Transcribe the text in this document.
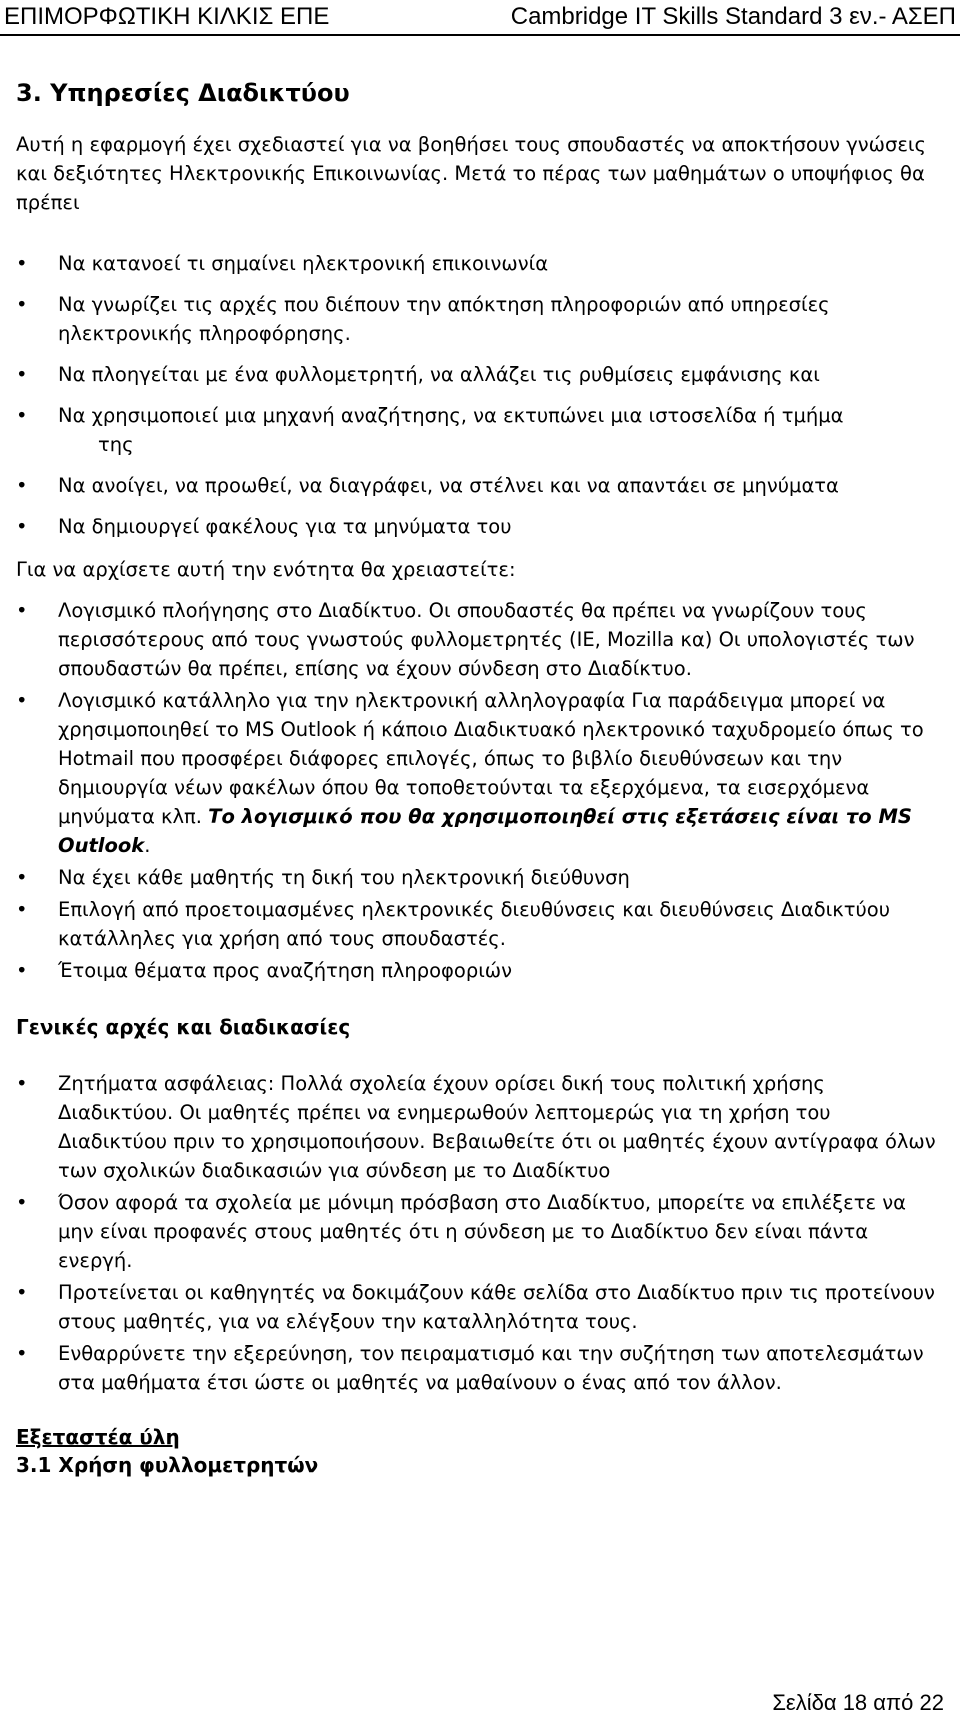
ΕΠΙΜΟΡΦΩΤΙΚΗ ΚΙΛΚΙΣ ΕΠΕ	Cambridge IT Skills Standard 3 εν.- ΑΣΕΠ
3. Υπηρεσίες Διαδικτύου

Αυτή η εφαρμογή έχει σχεδιαστεί για να βοηθήσει τους σπουδαστές να αποκτήσουν γνώσεις και δεξιότητες Ηλεκτρονικής Επικοινωνίας. Μετά το πέρας των μαθημάτων ο υποψήφιος θα πρέπει

• Να κατανοεί τι σημαίνει ηλεκτρονική επικοινωνία
• Να γνωρίζει τις αρχές που διέπουν την απόκτηση πληροφοριών από υπηρεσίες ηλεκτρονικής πληροφόρησης.
• Να πλοηγείται με ένα φυλλομετρητή, να αλλάζει τις ρυθμίσεις εμφάνισης και
• Να χρησιμοποιεί μια μηχανή αναζήτησης, να εκτυπώνει μια ιστοσελίδα ή τμήμα
της
• Να ανοίγει, να προωθεί, να διαγράφει, να στέλνει και να απαντάει σε μηνύματα
• Να δημιουργεί φακέλους για τα μηνύματα του

Για να αρχίσετε αυτή την ενότητα θα χρειαστείτε:

• Λογισμικό πλοήγησης στο Διαδίκτυο. Οι σπουδαστές θα πρέπει να γνωρίζουν τους περισσότερους από τους γνωστούς φυλλομετρητές (IE, Mozilla κα) Οι υπολογιστές των σπουδαστών θα πρέπει, επίσης να έχουν σύνδεση στο Διαδίκτυο.
• Λογισμικό κατάλληλο για την ηλεκτρονική αλληλογραφία Για παράδειγμα μπορεί να χρησιμοποιηθεί το MS Outlook ή κάποιο Διαδικτυακό ηλεκτρονικό ταχυδρομείο όπως το Hotmail που προσφέρει διάφορες επιλογές, όπως το βιβλίο διευθύνσεων και την δημιουργία νέων φακέλων όπου θα τοποθετούνται τα εξερχόμενα, τα εισερχόμενα μηνύματα κλπ. Το λογισμικό που θα χρησιμοποιηθεί στις εξετάσεις είναι το MS Outlook.
• Να έχει κάθε μαθητής τη δική του ηλεκτρονική διεύθυνση
• Επιλογή από προετοιμασμένες ηλεκτρονικές διευθύνσεις και διευθύνσεις Διαδικτύου κατάλληλες για χρήση από τους σπουδαστές.
• Έτοιμα θέματα προς αναζήτηση πληροφοριών
Γενικές αρχές και διαδικασίες
• Ζητήματα ασφάλειας: Πολλά σχολεία έχουν ορίσει δική τους πολιτική χρήσης Διαδικτύου. Οι μαθητές πρέπει να ενημερωθούν λεπτομερώς για τη χρήση του Διαδικτύου πριν το χρησιμοποιήσουν. Βεβαιωθείτε ότι οι μαθητές έχουν αντίγραφα όλων των σχολικών διαδικασιών για σύνδεση με το Διαδίκτυο
• Όσον αφορά τα σχολεία με μόνιμη πρόσβαση στο Διαδίκτυο, μπορείτε να επιλέξετε να μην είναι προφανές στους μαθητές ότι η σύνδεση με το Διαδίκτυο δεν είναι πάντα ενεργή.
• Προτείνεται οι καθηγητές να δοκιμάζουν κάθε σελίδα στο Διαδίκτυο πριν τις προτείνουν στους μαθητές, για να ελέγξουν την καταλληλότητα τους.
• Ενθαρρύνετε την εξερεύνηση, τον πειραματισμό και την συζήτηση των αποτελεσμάτων στα μαθήματα έτσι ώστε οι μαθητές να μαθαίνουν ο ένας από τον άλλον.
Εξεταστέα ύλη
3.1 Χρήση φυλλομετρητών
Σελίδα 18 από 22
